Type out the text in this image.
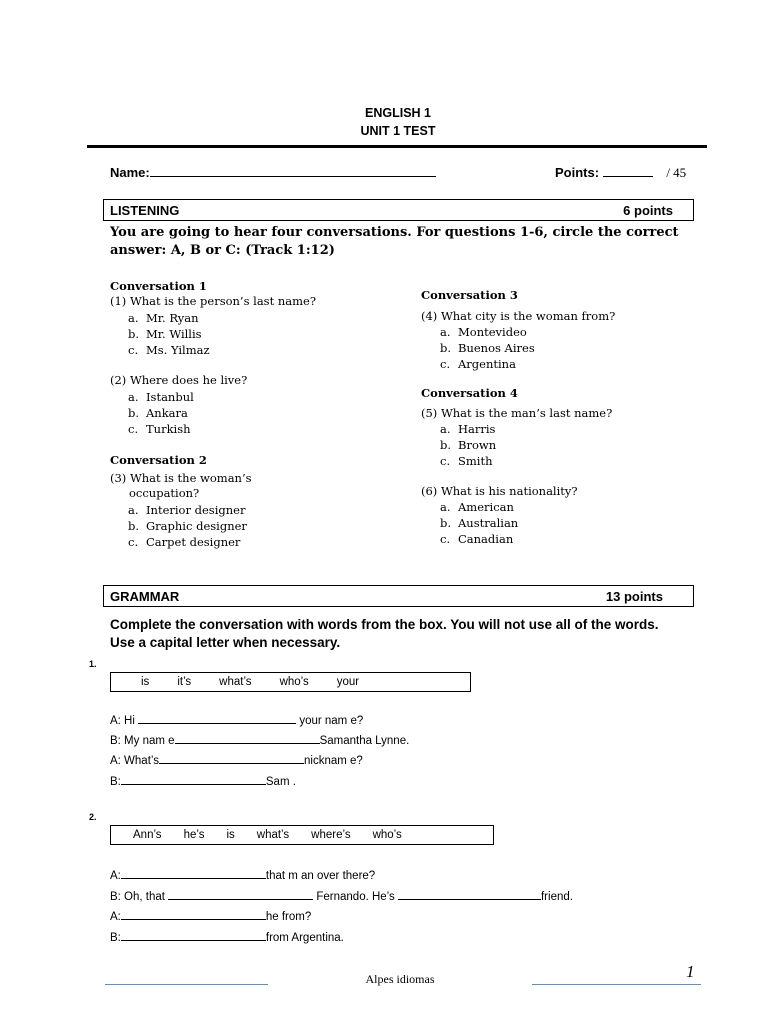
ENGLISH 1
UNIT 1 TEST
Name:	Points:	/ 45
LISTENING	6 points
You are going to hear four conversations. For questions 1-6, circle the correct answer: A, B or C: (Track 1:12)
Conversation 1
(1) What is the person’s last name?
a. Mr. Ryan
b. Mr. Willis
c. Ms. Yilmaz
(2) Where does he live?
a. Istanbul
b. Ankara
c. Turkish
Conversation 2
(3) What is the woman’s
occupation?
a. Interior designer
b. Graphic designer
c. Carpet designer
Conversation 3
(4) What city is the woman from?
a. Montevideo
b. Buenos Aires
c. Argentina
Conversation 4
(5) What is the man’s last name?
a. Harris
b. Brown
c. Smith
(6) What is his nationality?
a. American
b. Australian
c. Canadian
GRAMMAR	13 points
Complete the conversation with words from the box. You will not use all of the words.
Use a capital letter when necessary.
1.
is it’s what’s who’s your
A: Hi	your nam e?
B: My nam e	Samantha Lynne.
A: What’s	nicknam e?
B:	Sam .
2.
Ann’s he’s is what’s where’s who’s
A:	that m an over there?
B: Oh, that	Fernando. He’s	friend.
A:	he from?
B:	from Argentina.
1
Alpes idiomas
